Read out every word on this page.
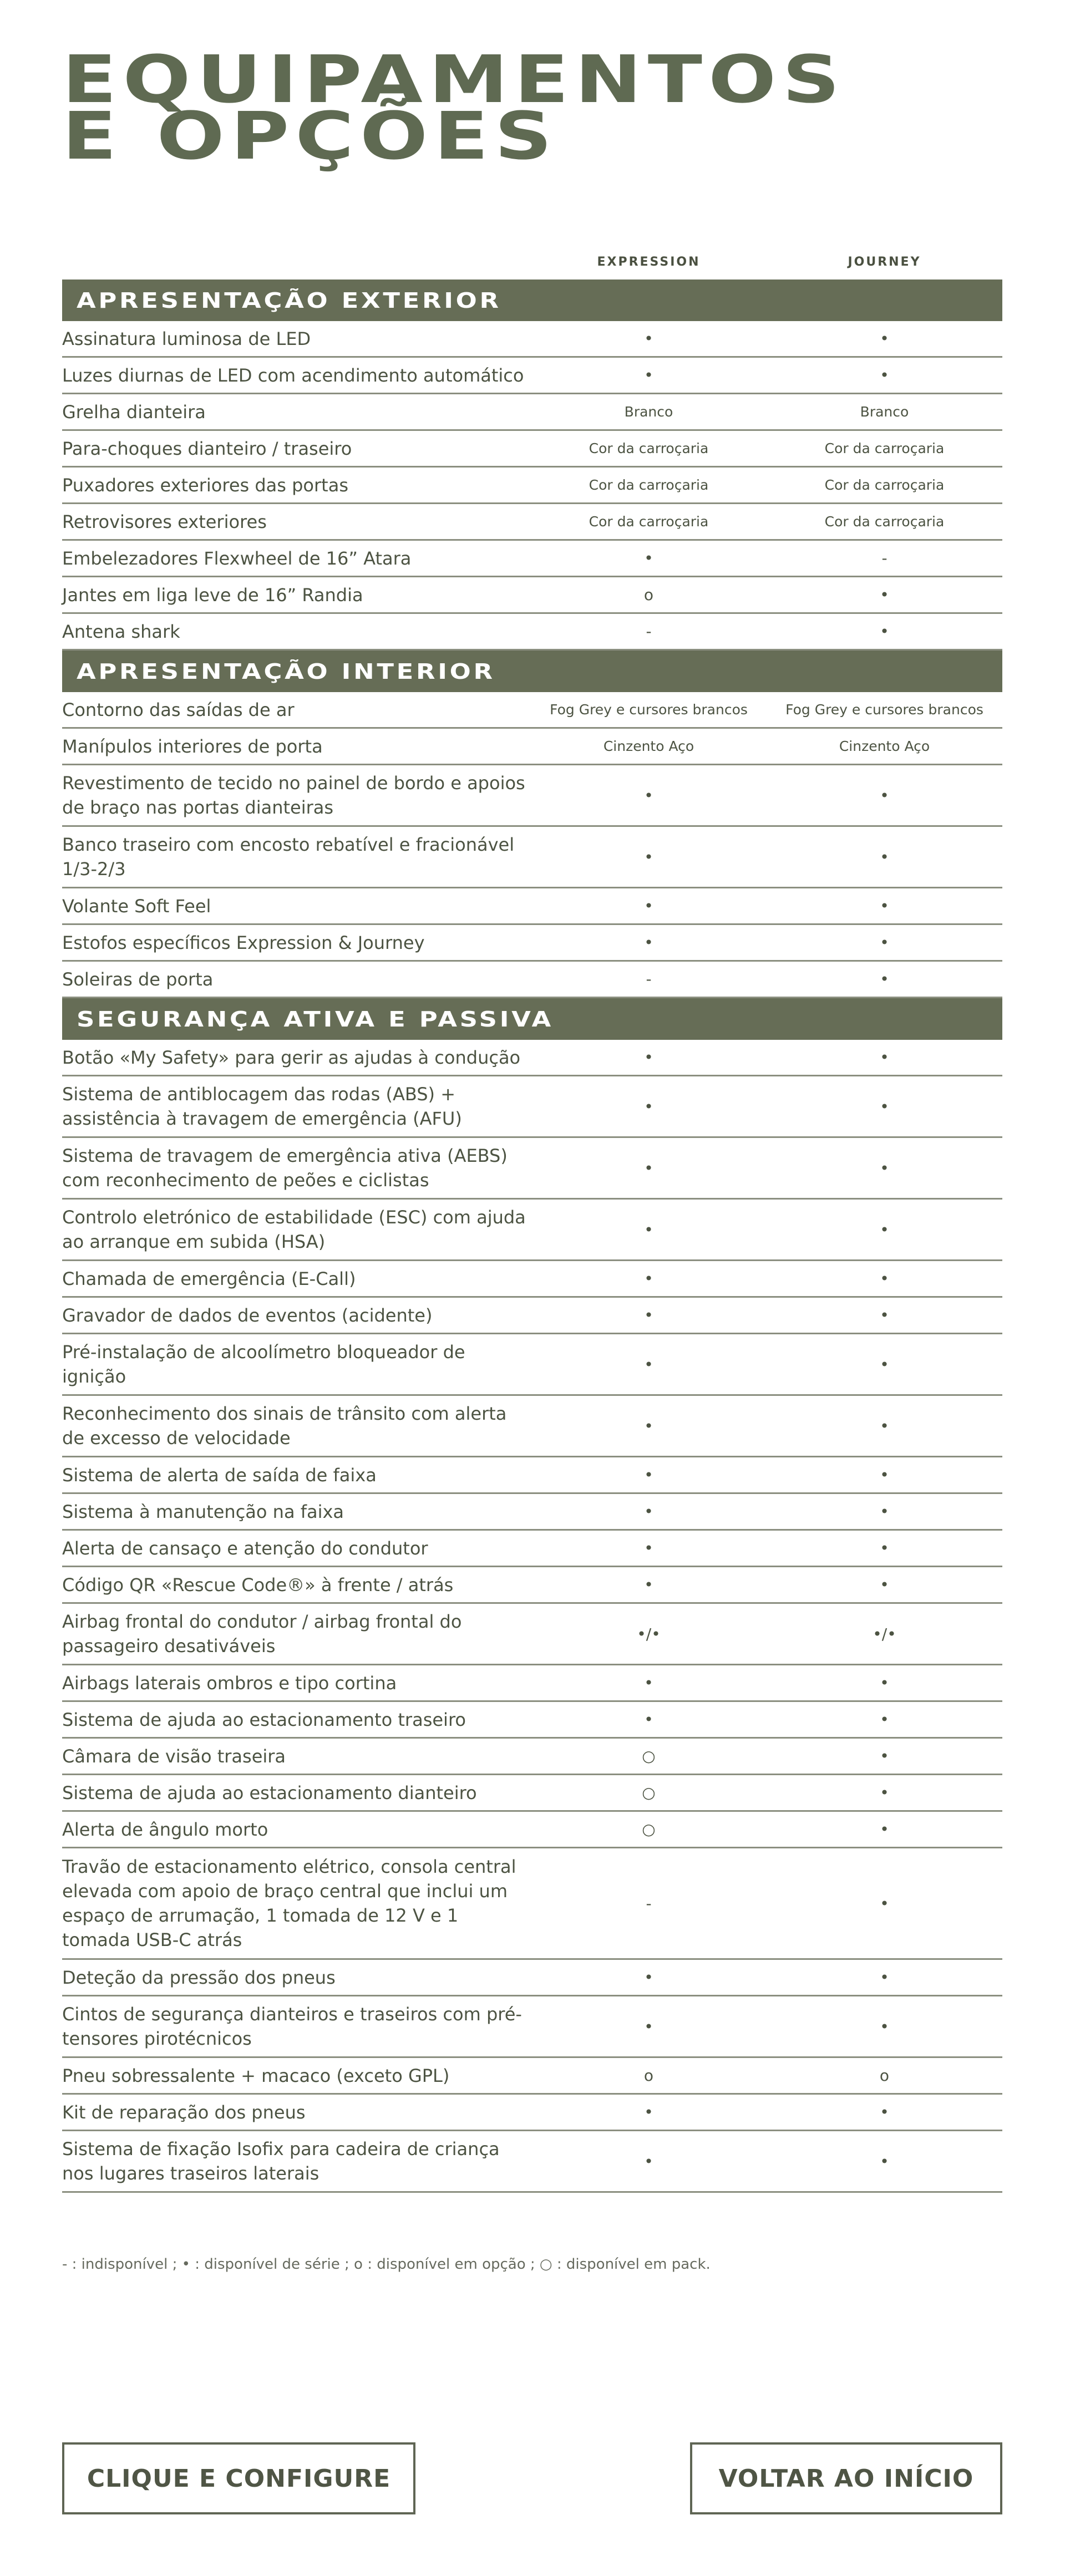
EQUIPAMENTOS
E OPÇÕES
EXPRESSION	JOURNEY
APRESENTAÇÃO EXTERIOR
Assinatura luminosa de LED	•	•
Luzes diurnas de LED com acendimento automático	•	•
Grelha dianteira	Branco	Branco
Para-choques dianteiro / traseiro	Cor da carroçaria	Cor da carroçaria
Puxadores exteriores das portas	Cor da carroçaria	Cor da carroçaria
Retrovisores exteriores	Cor da carroçaria	Cor da carroçaria
Embelezadores Flexwheel de 16” Atara	•	-
Jantes em liga leve de 16” Randia	o	•
Antena shark	-	•
APRESENTAÇÃO INTERIOR
Contorno das saídas de ar	Fog Grey e cursores brancos	Fog Grey e cursores brancos
Manípulos interiores de porta	Cinzento Aço	Cinzento Aço
Revestimento de tecido no painel de bordo e apoios de braço nas portas dianteiras
•	•
Banco traseiro com encosto rebatível e fracionável 1/3-2/3
•	•
Volante Soft Feel	•	•
Estofos específicos Expression & Journey	•	•
Soleiras de porta	-	•
SEGURANÇA ATIVA E PASSIVA
Botão «My Safety» para gerir as ajudas à condução	•	•
Sistema de antiblocagem das rodas (ABS) + assistência à travagem de emergência (AFU)
•	•
Sistema de travagem de emergência ativa (AEBS) com reconhecimento de peões e ciclistas
•	•
Controlo eletrónico de estabilidade (ESC) com ajuda ao arranque em subida (HSA)
•	•
Chamada de emergência (E-Call)	•	•
Gravador de dados de eventos (acidente)	•	•
Pré-instalação de alcoolímetro bloqueador de ignição
•	•
Reconhecimento dos sinais de trânsito com alerta de excesso de velocidade
•	•
Sistema de alerta de saída de faixa	•	•
Sistema à manutenção na faixa	•	•
Alerta de cansaço e atenção do condutor	•	•
Código QR «Rescue Code®» à frente / atrás	•	•
Airbag frontal do condutor / airbag frontal do passageiro desativáveis
•/•	•/•
Airbags laterais ombros e tipo cortina	•	•
Sistema de ajuda ao estacionamento traseiro	•	•
Câmara de visão traseira	○	•
Sistema de ajuda ao estacionamento dianteiro	○	•
Alerta de ângulo morto	○	•
Travão de estacionamento elétrico, consola central elevada com apoio de braço central que inclui um espaço de arrumação, 1 tomada de 12 V e 1 tomada USB-C atrás
-	•
Deteção da pressão dos pneus	•	•
Cintos de segurança dianteiros e traseiros com pré-tensores pirotécnicos
•	•
Pneu sobressalente + macaco (exceto GPL)	o	o
Kit de reparação dos pneus	•	•
Sistema de fixação Isofix para cadeira de criança nos lugares traseiros laterais
•	•
- : indisponível ; • : disponível de série ; o : disponível em opção ; ○ : disponível em pack.
CLIQUE E CONFIGURE	VOLTAR AO INÍCIO
